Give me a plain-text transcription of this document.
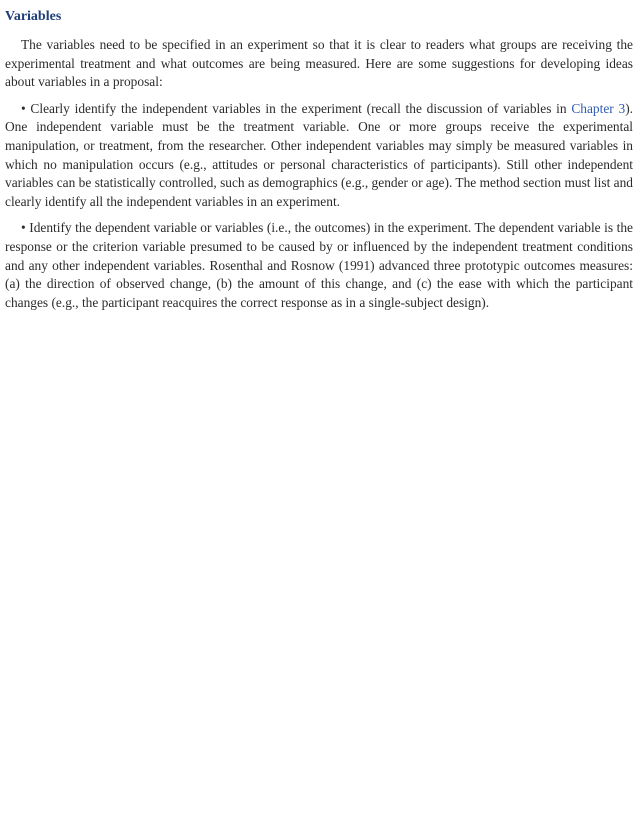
Variables

The variables need to be specified in an experiment so that it is clear to readers what groups are receiving the experimental treatment and what outcomes are being measured. Here are some suggestions for developing ideas about variables in a proposal:

• Clearly identify the independent variables in the experiment (recall the discussion of variables in Chapter 3). One independent variable must be the treatment variable. One or more groups receive the experimental manipulation, or treatment, from the researcher. Other independent variables may simply be measured variables in which no manipulation occurs (e.g., attitudes or personal characteristics of participants). Still other independent variables can be statistically controlled, such as demographics (e.g., gender or age). The method section must list and clearly identify all the independent variables in an experiment.

• Identify the dependent variable or variables (i.e., the outcomes) in the experiment. The dependent variable is the response or the criterion variable presumed to be caused by or influenced by the independent treatment conditions and any other independent variables. Rosenthal and Rosnow (1991) advanced three prototypic outcomes measures: (a) the direction of observed change, (b) the amount of this change, and (c) the ease with which the participant changes (e.g., the participant reacquires the correct response as in a single-subject design).
